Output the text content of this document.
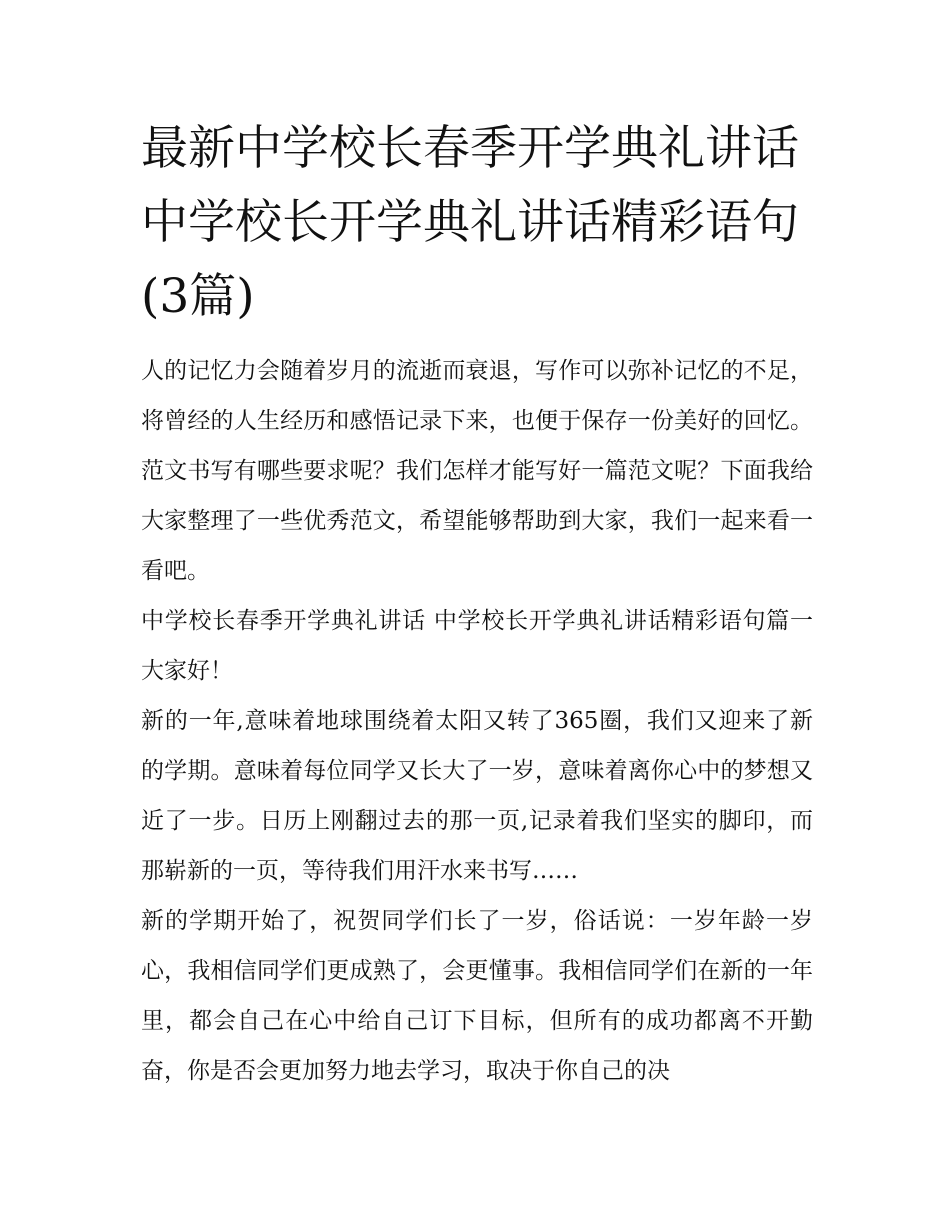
最新中学校长春季开学典礼讲话 中学校长开学典礼讲话精彩语句(3篇)

人的记忆力会随着岁月的流逝而衰退，写作可以弥补记忆的不足，将曾经的人生经历和感悟记录下来，也便于保存一份美好的回忆。范文书写有哪些要求呢？我们怎样才能写好一篇范文呢？下面我给大家整理了一些优秀范文，希望能够帮助到大家，我们一起来看一看吧。

中学校长春季开学典礼讲话 中学校长开学典礼讲话精彩语句篇一 大家好！

新的一年,意味着地球围绕着太阳又转了365圈，我们又迎来了新的学期。意味着每位同学又长大了一岁，意味着离你心中的梦想又近了一步。日历上刚翻过去的那一页,记录着我们坚实的脚印，而那崭新的一页，等待我们用汗水来书写……

新的学期开始了，祝贺同学们长了一岁，俗话说：一岁年龄一岁心，我相信同学们更成熟了，会更懂事。我相信同学们在新的一年里，都会自己在心中给自己订下目标，但所有的成功都离不开勤奋，你是否会更加努力地去学习，取决于你自己的决
